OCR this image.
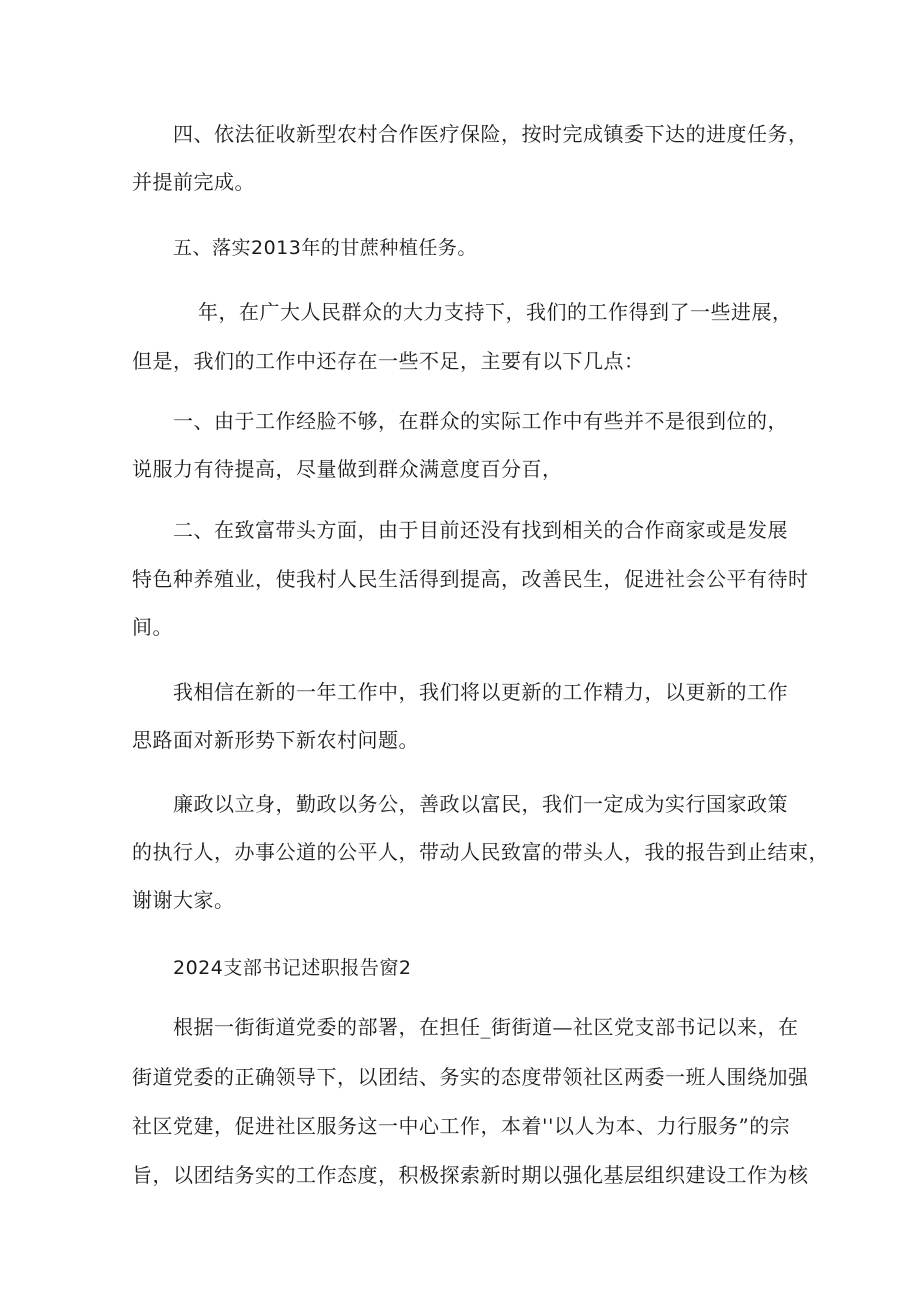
四、依法征收新型农村合作医疗保险，按时完成镇委下达的进度任务，
并提前完成。
五、落实2013年的甘蔗种植任务。
年，在广大人民群众的大力支持下，我们的工作得到了一些进展，
但是，我们的工作中还存在一些不足，主要有以下几点：
一、由于工作经脸不够，在群众的实际工作中有些并不是很到位的，
说服力有待提高，尽量做到群众满意度百分百，
二、在致富带头方面，由于目前还没有找到相关的合作商家或是发展
特色种养殖业，使我村人民生活得到提高，改善民生，促进社会公平有待时
间。
我相信在新的一年工作中，我们将以更新的工作精力，以更新的工作
思路面对新形势下新农村问题。
廉政以立身，勤政以务公，善政以富民，我们一定成为实行国家政策
的执行人，办事公道的公平人，带动人民致富的带头人，我的报告到止结束，
谢谢大家。
2024支部书记述职报告窗2
根据一街街道党委的部署，在担任_街街道—社区党支部书记以来，在
街道党委的正确领导下，以团结、务实的态度带领社区两委一班人围绕加强
社区党建，促进社区服务这一中心工作，本着''以人为本、力行服务”的宗
旨，以团结务实的工作态度，积极探索新时期以强化基层组织建设工作为核
